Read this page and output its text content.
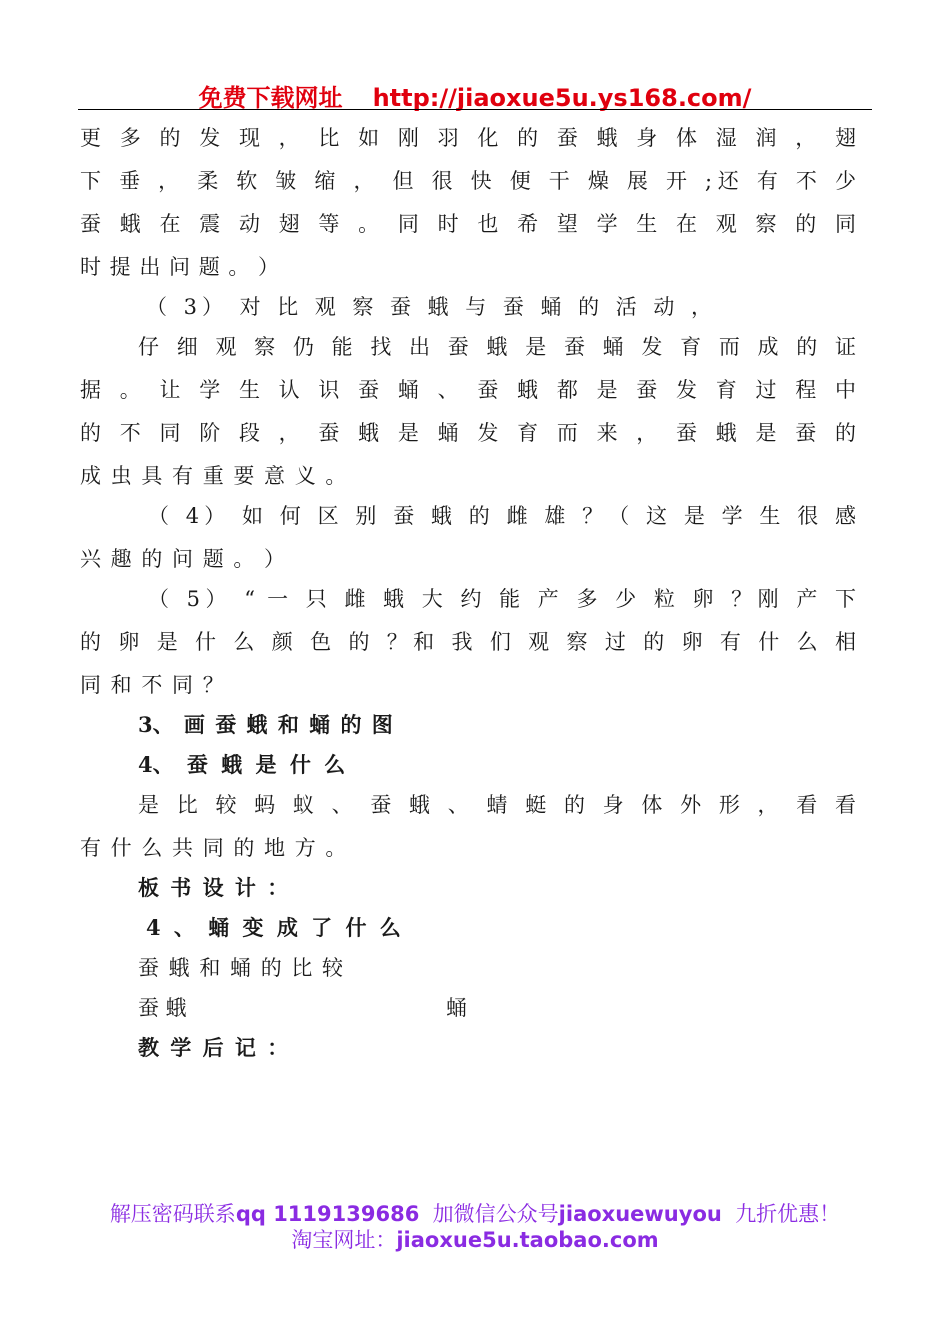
免费下载网址 http://jiaoxue5u.ys168.com/
更 多 的 发 现 ， 比 如 刚 羽 化 的 蚕 蛾 身 体 湿 润 ， 翅
下 垂 ， 柔 软 皱 缩 ， 但 很 快 便 干 燥 展 开 ;还 有 不 少
蚕 蛾 在 震 动 翅 等 。 同 时 也 希 望 学 生 在 观 察 的 同
时 提 出 问 题 。 ）
（ 3） 对 比 观 察 蚕 蛾 与 蚕 蛹 的 活 动 ，
仔 细 观 察 仍 能 找 出 蚕 蛾 是 蚕 蛹 发 育 而 成 的 证
据 。 让 学 生 认 识 蚕 蛹 、 蚕 蛾 都 是 蚕 发 育 过 程 中
的 不 同 阶 段 ， 蚕 蛾 是 蛹 发 育 而 来 ， 蚕 蛾 是 蚕 的
成 虫 具 有 重 要 意 义 。
（ 4） 如 何 区 别 蚕 蛾 的 雌 雄 ？（ 这 是 学 生 很 感
兴 趣 的 问 题 。 ）
（ 5） “ 一 只 雌 蛾 大 约 能 产 多 少 粒 卵 ？刚 产 下
的 卵 是 什 么 颜 色 的 ？和 我 们 观 察 过 的 卵 有 什 么 相
同 和 不 同 ？
3、 画 蚕 蛾 和 蛹 的 图
4、 蚕 蛾 是 什 么
是 比 较 蚂 蚁 、 蚕 蛾 、 蜻 蜓 的 身 体 外 形 ， 看 看
有 什 么 共 同 的 地 方 。
板 书 设 计 ：
4 、 蛹 变 成 了 什 么
蚕 蛾 和 蛹 的 比 较
蚕 蛾	蛹
教 学 后 记 ：
解压密码联系qq 1119139686 加微信公众号jiaoxuewuyou 九折优惠！
淘宝网址：jiaoxue5u.taobao.com
